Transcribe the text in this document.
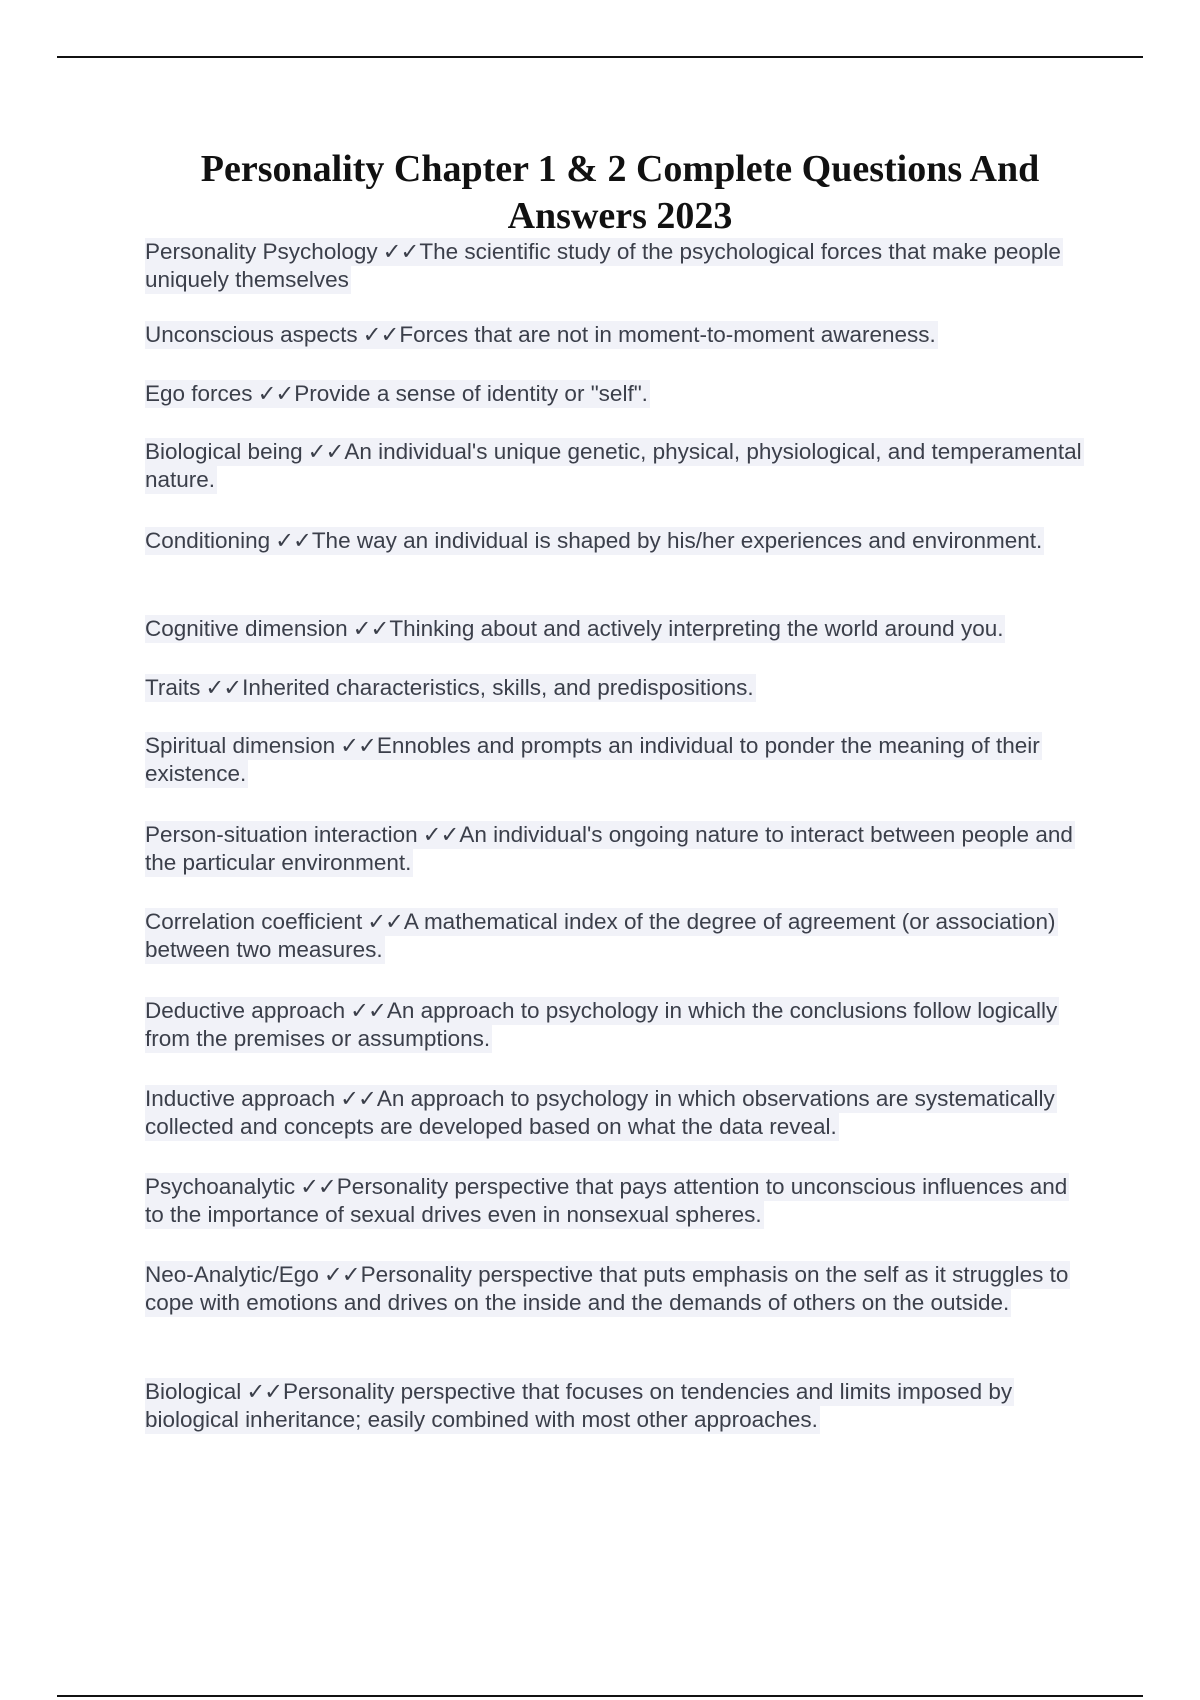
Personality Chapter 1 & 2 Complete Questions And Answers 2023

Personality Psychology ✓✓The scientific study of the psychological forces that make people uniquely themselves

Unconscious aspects ✓✓Forces that are not in moment-to-moment awareness.

Ego forces ✓✓Provide a sense of identity or "self".

Biological being ✓✓An individual's unique genetic, physical, physiological, and temperamental nature.

Conditioning ✓✓The way an individual is shaped by his/her experiences and environment.

Cognitive dimension ✓✓Thinking about and actively interpreting the world around you.

Traits ✓✓Inherited characteristics, skills, and predispositions.

Spiritual dimension ✓✓Ennobles and prompts an individual to ponder the meaning of their existence.

Person-situation interaction ✓✓An individual's ongoing nature to interact between people and the particular environment.

Correlation coefficient ✓✓A mathematical index of the degree of agreement (or association) between two measures.

Deductive approach ✓✓An approach to psychology in which the conclusions follow logically from the premises or assumptions.

Inductive approach ✓✓An approach to psychology in which observations are systematically collected and concepts are developed based on what the data reveal.

Psychoanalytic ✓✓Personality perspective that pays attention to unconscious influences and to the importance of sexual drives even in nonsexual spheres.

Neo-Analytic/Ego ✓✓Personality perspective that puts emphasis on the self as it struggles to cope with emotions and drives on the inside and the demands of others on the outside.

Biological ✓✓Personality perspective that focuses on tendencies and limits imposed by biological inheritance; easily combined with most other approaches.
